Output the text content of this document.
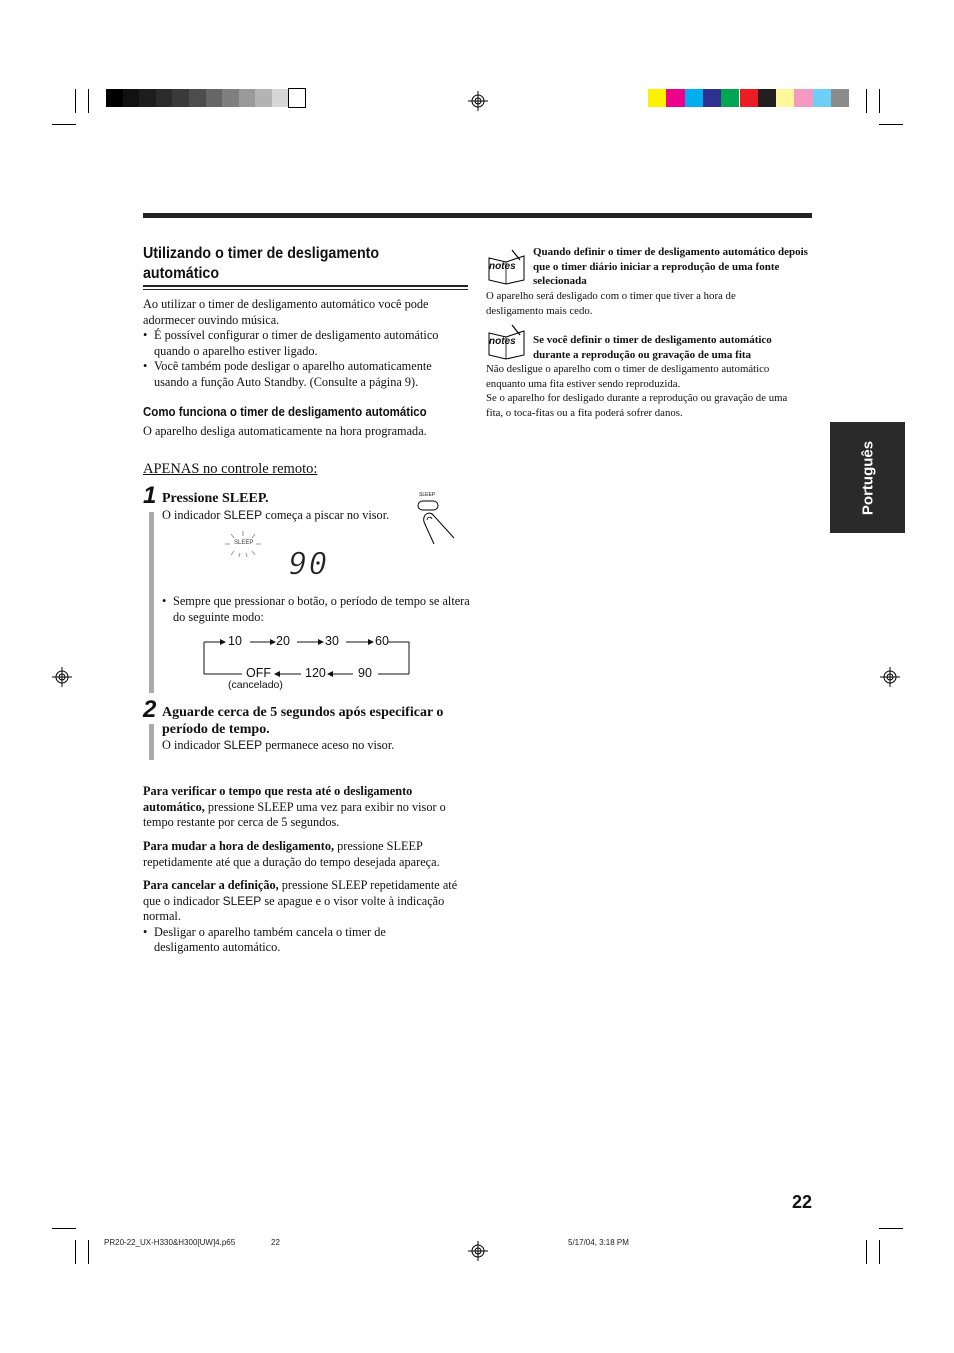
Utilizando o timer de desligamento automático
Ao utilizar o timer de desligamento automático você pode adormecer ouvindo música.
• É possível configurar o timer de desligamento automático quando o aparelho estiver ligado.
• Você também pode desligar o aparelho automaticamente usando a função Auto Standby. (Consulte a página 9).
Como funciona o timer de desligamento automático
O aparelho desliga automaticamente na hora programada.
APENAS no controle remoto:
1 Pressione SLEEP.
O indicador SLEEP começa a piscar no visor.
SLEEP
SLEEP
90
• Sempre que pressionar o botão, o período de tempo se altera do seguinte modo:
10	20	30	60
OFF	120	90
(cancelado)
2 Aguarde cerca de 5 segundos após especificar o período de tempo.
O indicador SLEEP permanece aceso no visor.
Para verificar o tempo que resta até o desligamento automático, pressione SLEEP uma vez para exibir no visor o tempo restante por cerca de 5 segundos.
Para mudar a hora de desligamento, pressione SLEEP repetidamente até que a duração do tempo desejada apareça.
Para cancelar a definição, pressione SLEEP repetidamente até que o indicador SLEEP se apague e o visor volte à indicação normal.
• Desligar o aparelho também cancela o timer de desligamento automático.
notes
Quando definir o timer de desligamento automático depois que o timer diário iniciar a reprodução de uma fonte selecionada
O aparelho será desligado com o timer que tiver a hora de desligamento mais cedo.
notes Se você definir o timer de desligamento automático durante a reprodução ou gravação de uma fita
Não desligue o aparelho com o timer de desligamento automático enquanto uma fita estiver sendo reproduzida.
Se o aparelho for desligado durante a reprodução ou gravação de uma fita, o toca-fitas ou a fita poderá sofrer danos.
Português
22
PR20-22_UX-H330&H300[UW]4.p65	22	5/17/04, 3:18 PM
